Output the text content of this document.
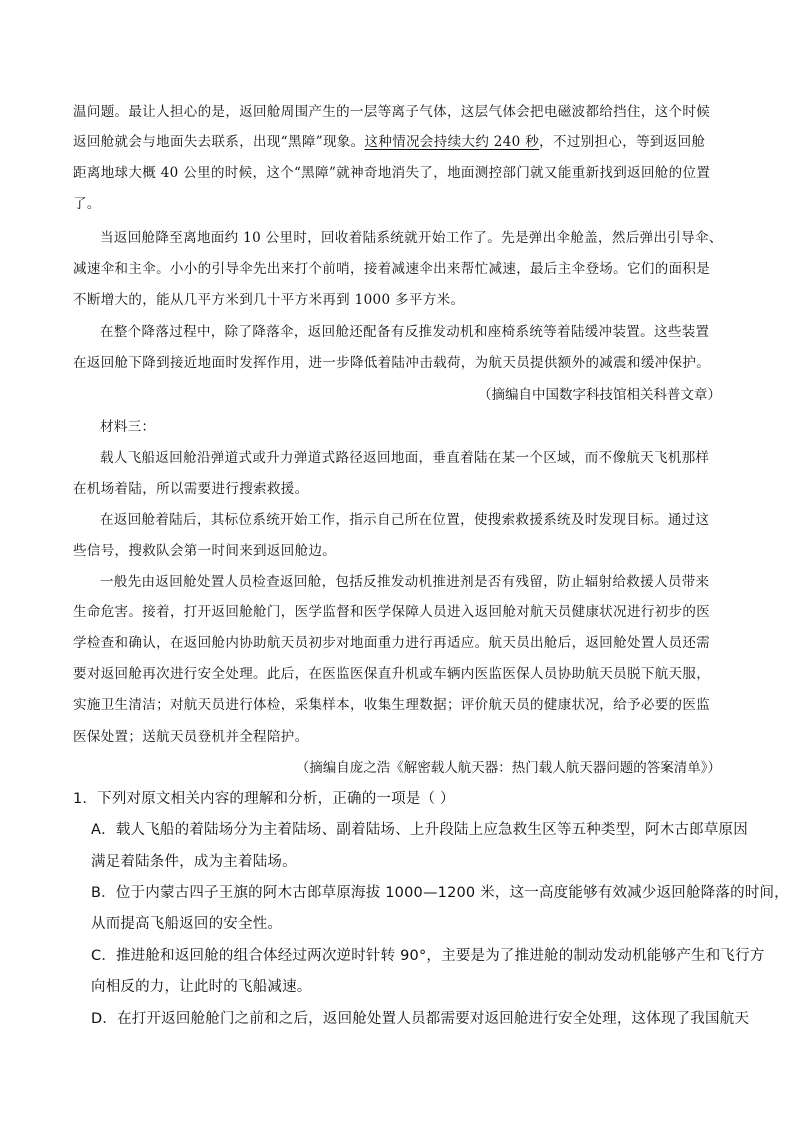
温问题。最让人担心的是，返回舱周围产生的一层等离子气体，这层气体会把电磁波都给挡住，这个时候
返回舱就会与地面失去联系，出现“黑障”现象。这种情况会持续大约 240 秒，不过别担心，等到返回舱
距离地球大概 40 公里的时候，这个“黑障”就神奇地消失了，地面测控部门就又能重新找到返回舱的位置
了。
当返回舱降至离地面约 10 公里时，回收着陆系统就开始工作了。先是弹出伞舱盖，然后弹出引导伞、
减速伞和主伞。小小的引导伞先出来打个前哨，接着减速伞出来帮忙减速，最后主伞登场。它们的面积是
不断增大的，能从几平方米到几十平方米再到 1000 多平方米。
在整个降落过程中，除了降落伞，返回舱还配备有反推发动机和座椅系统等着陆缓冲装置。这些装置
在返回舱下降到接近地面时发挥作用，进一步降低着陆冲击载荷，为航天员提供额外的减震和缓冲保护。
（摘编自中国数字科技馆相关科普文章）
材料三：
载人飞船返回舱沿弹道式或升力弹道式路径返回地面，垂直着陆在某一个区域，而不像航天飞机那样
在机场着陆，所以需要进行搜索救援。
在返回舱着陆后，其标位系统开始工作，指示自己所在位置，使搜索救援系统及时发现目标。通过这
些信号，搜救队会第一时间来到返回舱边。
一般先由返回舱处置人员检查返回舱，包括反推发动机推进剂是否有残留，防止辐射给救援人员带来
生命危害。接着，打开返回舱舱门，医学监督和医学保障人员进入返回舱对航天员健康状况进行初步的医
学检查和确认，在返回舱内协助航天员初步对地面重力进行再适应。航天员出舱后，返回舱处置人员还需
要对返回舱再次进行安全处理。此后，在医监医保直升机或车辆内医监医保人员协助航天员脱下航天服，
实施卫生清洁；对航天员进行体检，采集样本，收集生理数据；评价航天员的健康状况，给予必要的医监
医保处置；送航天员登机并全程陪护。
（摘编自庞之浩《解密载人航天器：热门载人航天器问题的答案清单》）
1．下列对原文相关内容的理解和分析，正确的一项是（ ）
A．载人飞船的着陆场分为主着陆场、副着陆场、上升段陆上应急救生区等五种类型，阿木古郎草原因
满足着陆条件，成为主着陆场。
B．位于内蒙古四子王旗的阿木古郎草原海拔 1000—1200 米，这一高度能够有效减少返回舱降落的时间，
从而提高飞船返回的安全性。
C．推进舱和返回舱的组合体经过两次逆时针转 90°，主要是为了推进舱的制动发动机能够产生和飞行方
向相反的力，让此时的飞船减速。
D．在打开返回舱舱门之前和之后，返回舱处置人员都需要对返回舱进行安全处理，这体现了我国航天
